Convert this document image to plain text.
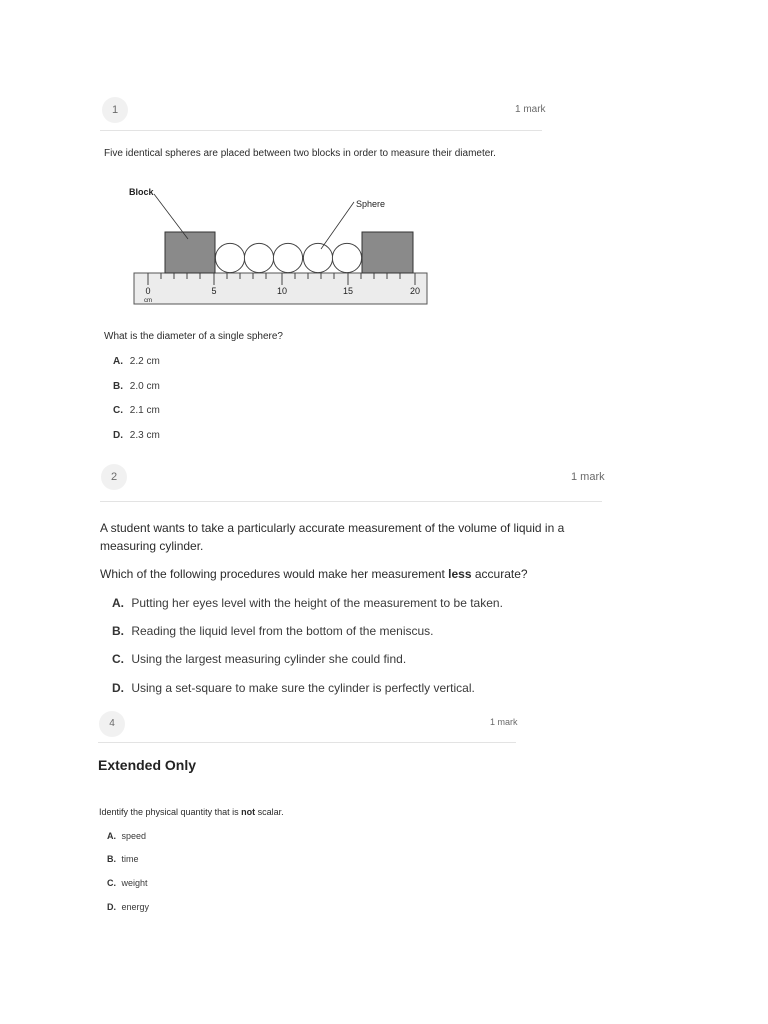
1	1 mark
Five identical spheres are placed between two blocks in order to measure their diameter.
0
cm
5	10	15	20
Block
Sphere
What is the diameter of a single sphere?
A. 2.2 cm
B. 2.0 cm
C. 2.1 cm
D. 2.3 cm
2	1 mark
A student wants to take a particularly accurate measurement of the volume of liquid in a measuring cylinder.
Which of the following procedures would make her measurement less accurate?
A. Putting her eyes level with the height of the measurement to be taken.
B. Reading the liquid level from the bottom of the meniscus.
C. Using the largest measuring cylinder she could find.
D. Using a set-square to make sure the cylinder is perfectly vertical.
4	1 mark
Extended Only
Identify the physical quantity that is not scalar.
A. speed
B. time
C. weight
D. energy
